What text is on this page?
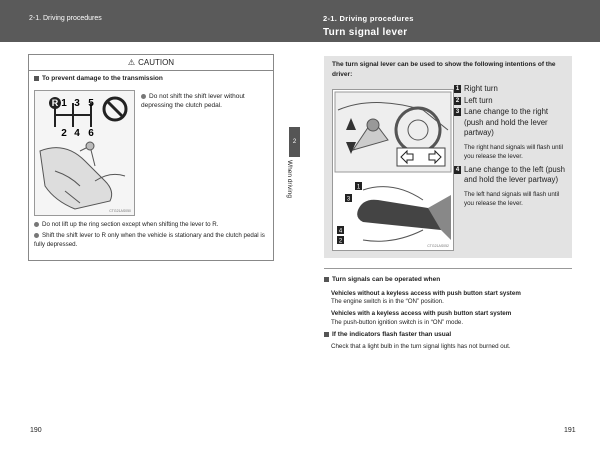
2-1. Driving procedures
⚠ CAUTION
To prevent damage to the transmission
R 1 3 5
2 4 6
CTG21AS050
Do not shift the shift lever without depressing the clutch pedal.
Do not lift up the ring section except when shifting the lever to R.
Shift the shift lever to R only when the vehicle is stationary and the clutch pedal is fully depressed.
190
2-1. Driving procedures
Turn signal lever
The turn signal lever can be used to show the following intentions of the driver:
1
3
4
2
CTG21AS052
1 Right turn
2 Left turn
3 Lane change to the right (push and hold the lever partway)
The right hand signals will flash until you release the lever.
4 Lane change to the left (push and hold the lever partway)
The left hand signals will flash until you release the lever.
Turn signals can be operated when
Vehicles without a keyless access with push button start system
The engine switch is in the “ON” position.
Vehicles with a keyless access with push button start system
The push-button ignition switch is in “ON” mode.
If the indicators flash faster than usual
Check that a light bulb in the turn signal lights has not burned out.
191
2
When driving
